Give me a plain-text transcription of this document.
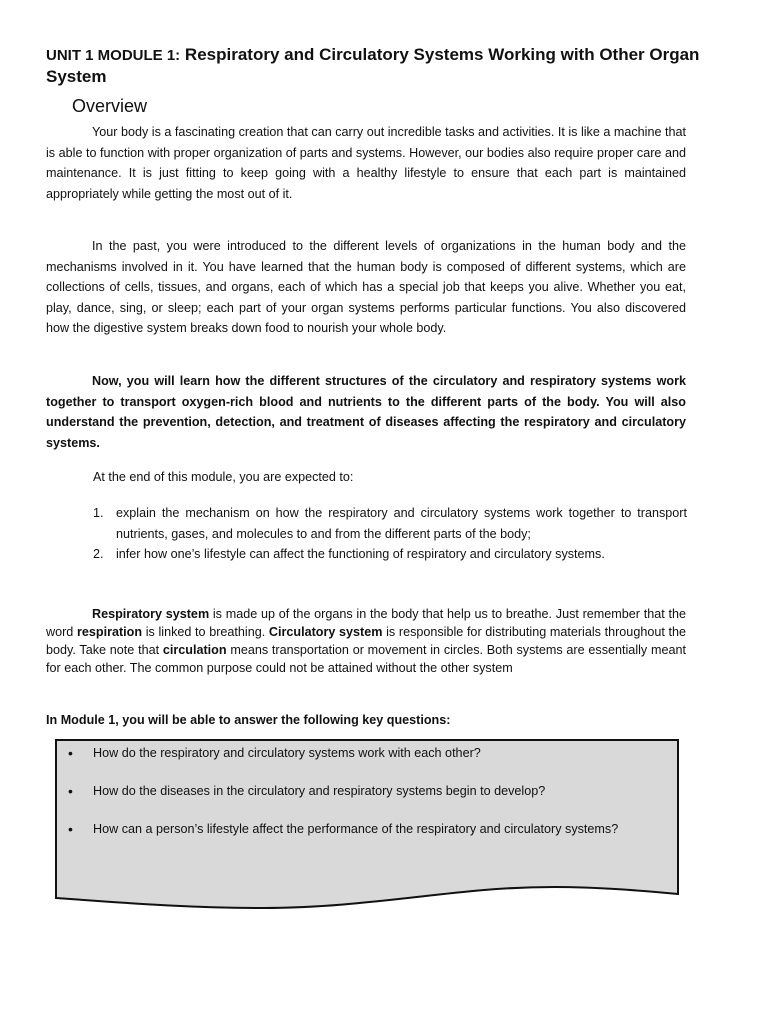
UNIT 1 MODULE 1: Respiratory and Circulatory Systems Working with Other Organ System
Overview

Your body is a fascinating creation that can carry out incredible tasks and activities. It is like a machine that is able to function with proper organization of parts and systems. However, our bodies also require proper care and maintenance. It is just fitting to keep going with a healthy lifestyle to ensure that each part is maintained appropriately while getting the most out of it.

In the past, you were introduced to the different levels of organizations in the human body and the mechanisms involved in it. You have learned that the human body is composed of different systems, which are collections of cells, tissues, and organs, each of which has a special job that keeps you alive. Whether you eat, play, dance, sing, or sleep; each part of your organ systems performs particular functions. You also discovered how the digestive system breaks down food to nourish your whole body.

Now, you will learn how the different structures of the circulatory and respiratory systems work together to transport oxygen-rich blood and nutrients to the different parts of the body. You will also understand the prevention, detection, and treatment of diseases affecting the respiratory and circulatory systems.

At the end of this module, you are expected to:

1. explain the mechanism on how the respiratory and circulatory systems work together to transport nutrients, gases, and molecules to and from the different parts of the body;
2. infer how one’s lifestyle can affect the functioning of respiratory and circulatory systems.

Respiratory system is made up of the organs in the body that help us to breathe. Just remember that the word respiration is linked to breathing. Circulatory system is responsible for distributing materials throughout the body. Take note that circulation means transportation or movement in circles. Both systems are essentially meant for each other. The common purpose could not be attained without the other system

In Module 1, you will be able to answer the following key questions:

• How do the respiratory and circulatory systems work with each other?
• How do the diseases in the circulatory and respiratory systems begin to develop?
• How can a person’s lifestyle affect the performance of the respiratory and circulatory systems?
